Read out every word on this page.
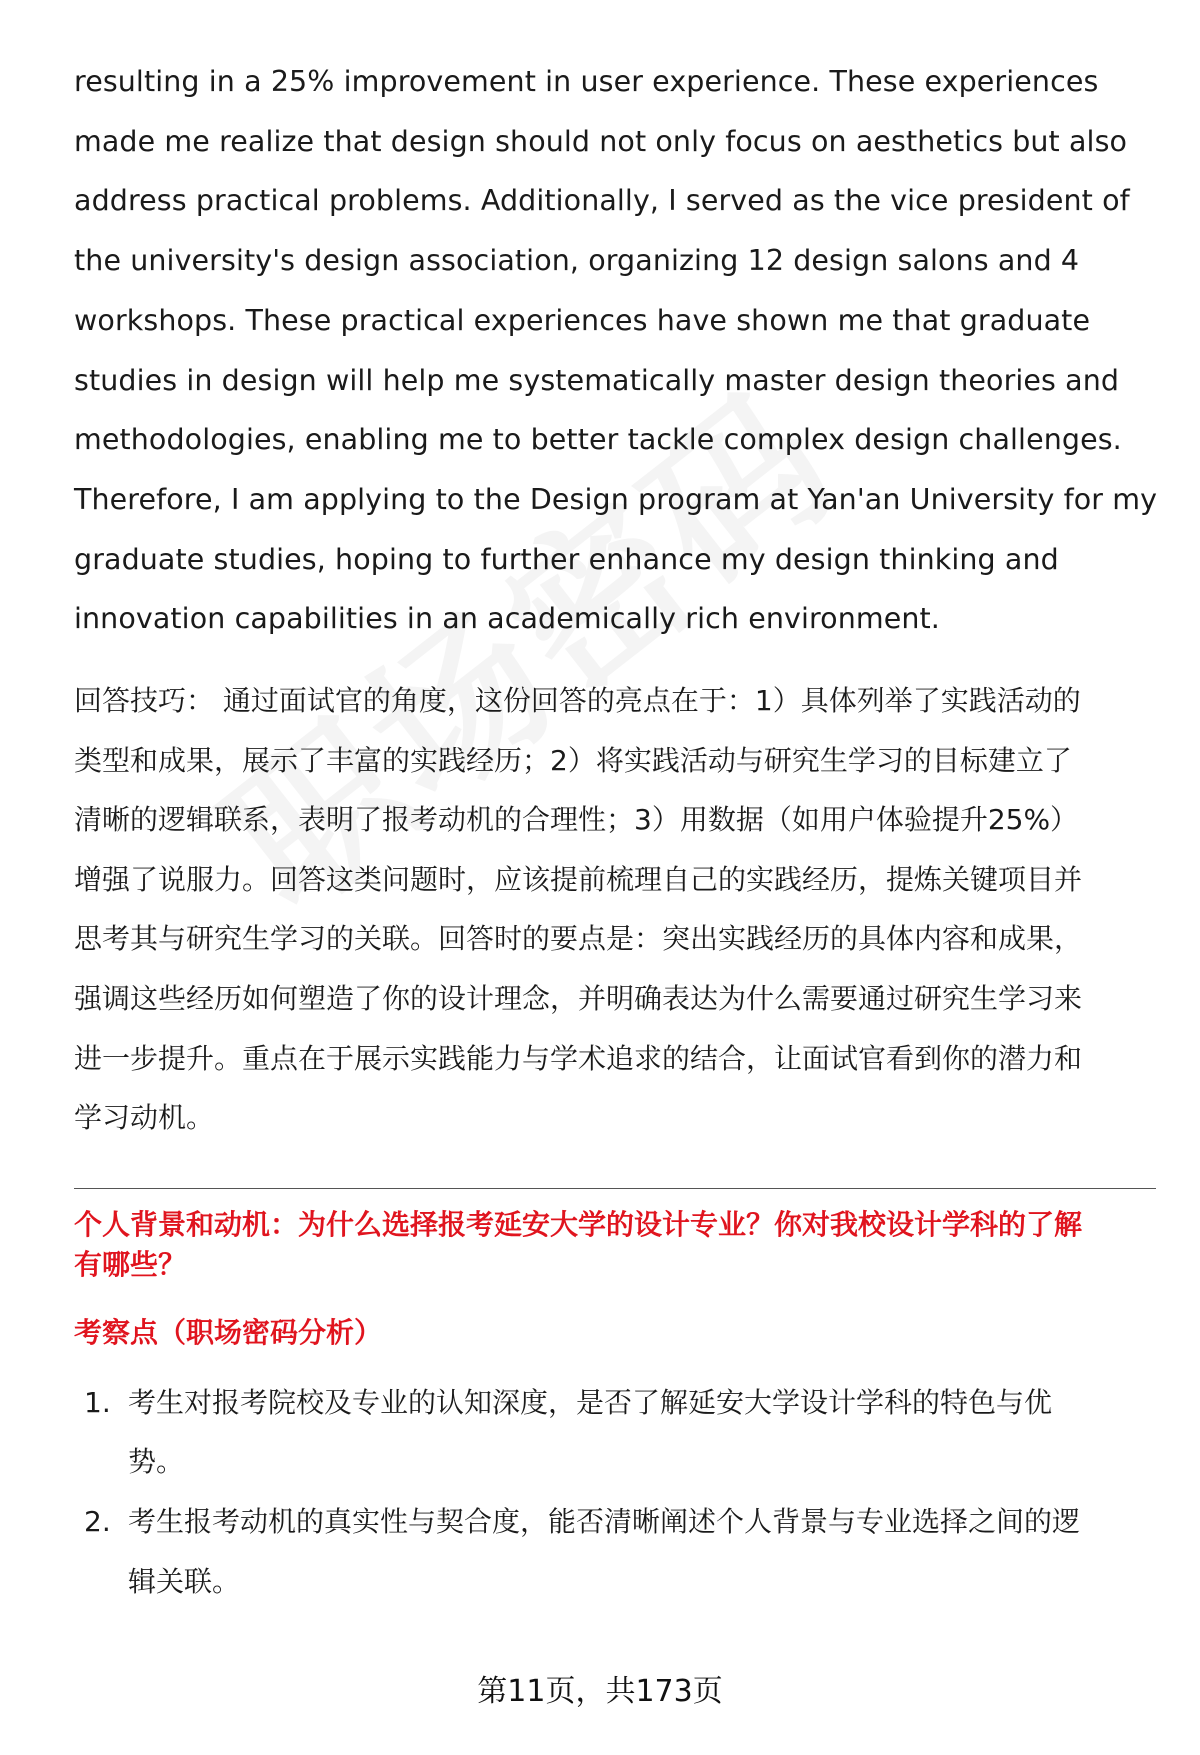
resulting in a 25% improvement in user experience. These experiences
made me realize that design should not only focus on aesthetics but also
address practical problems. Additionally, I served as the vice president of
the university's design association, organizing 12 design salons and 4
workshops. These practical experiences have shown me that graduate
studies in design will help me systematically master design theories and
methodologies, enabling me to better tackle complex design challenges.
Therefore, I am applying to the Design program at Yan'an University for my
graduate studies, hoping to further enhance my design thinking and
innovation capabilities in an academically rich environment.

回答技巧： 通过面试官的角度，这份回答的亮点在于：1）具体列举了实践活动的
类型和成果，展示了丰富的实践经历；2）将实践活动与研究生学习的目标建立了
清晰的逻辑联系，表明了报考动机的合理性；3）用数据（如用户体验提升25%）
增强了说服力。回答这类问题时，应该提前梳理自己的实践经历，提炼关键项目并
思考其与研究生学习的关联。回答时的要点是：突出实践经历的具体内容和成果，
强调这些经历如何塑造了你的设计理念，并明确表达为什么需要通过研究生学习来
进一步提升。重点在于展示实践能力与学术追求的结合，让面试官看到你的潜力和
学习动机。

个人背景和动机：为什么选择报考延安大学的设计专业？你对我校设计学科的了解
有哪些？
考察点（职场密码分析）
1. 考生对报考院校及专业的认知深度，是否了解延安大学设计学科的特色与优
势。
2. 考生报考动机的真实性与契合度，能否清晰阐述个人背景与专业选择之间的逻
辑关联。
第11页，共173页
